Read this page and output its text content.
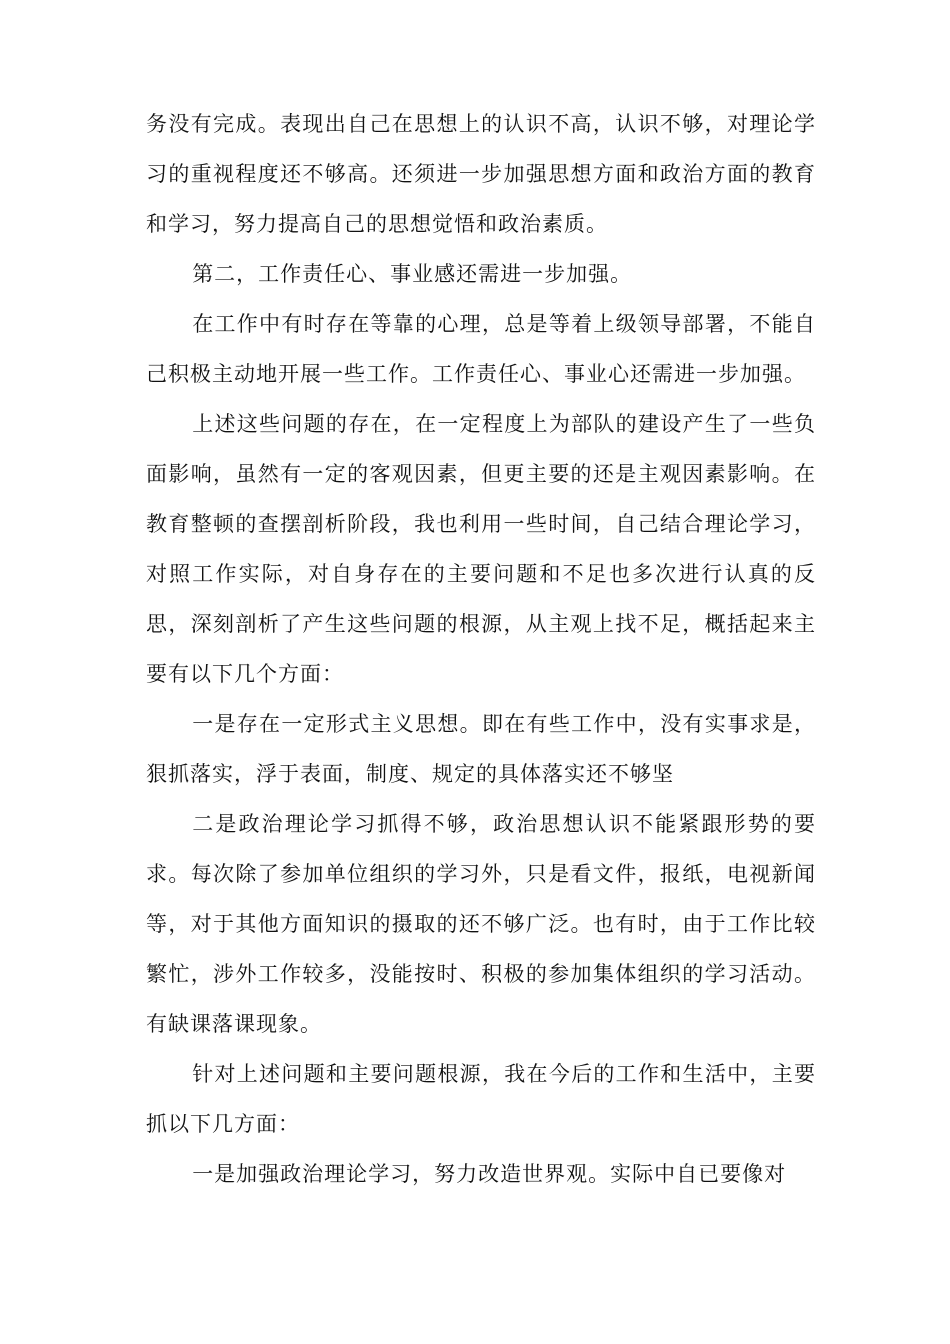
务没有完成。表现出自己在思想上的认识不高，认识不够，对理论学习的重视程度还不够高。还须进一步加强思想方面和政治方面的教育和学习，努力提高自己的思想觉悟和政治素质。

第二，工作责任心、事业感还需进一步加强。

在工作中有时存在等靠的心理，总是等着上级领导部署，不能自己积极主动地开展一些工作。工作责任心、事业心还需进一步加强。

上述这些问题的存在，在一定程度上为部队的建设产生了一些负面影响，虽然有一定的客观因素，但更主要的还是主观因素影响。在教育整顿的查摆剖析阶段，我也利用一些时间，自己结合理论学习，对照工作实际，对自身存在的主要问题和不足也多次进行认真的反思，深刻剖析了产生这些问题的根源，从主观上找不足，概括起来主要有以下几个方面：

一是存在一定形式主义思想。即在有些工作中，没有实事求是，狠抓落实，浮于表面，制度、规定的具体落实还不够坚

二是政治理论学习抓得不够，政治思想认识不能紧跟形势的要求。每次除了参加单位组织的学习外，只是看文件，报纸，电视新闻等，对于其他方面知识的摄取的还不够广泛。也有时，由于工作比较繁忙，涉外工作较多，没能按时、积极的参加集体组织的学习活动。有缺课落课现象。

针对上述问题和主要问题根源，我在今后的工作和生活中，主要抓以下几方面：

一是加强政治理论学习，努力改造世界观。实际中自已要像对
